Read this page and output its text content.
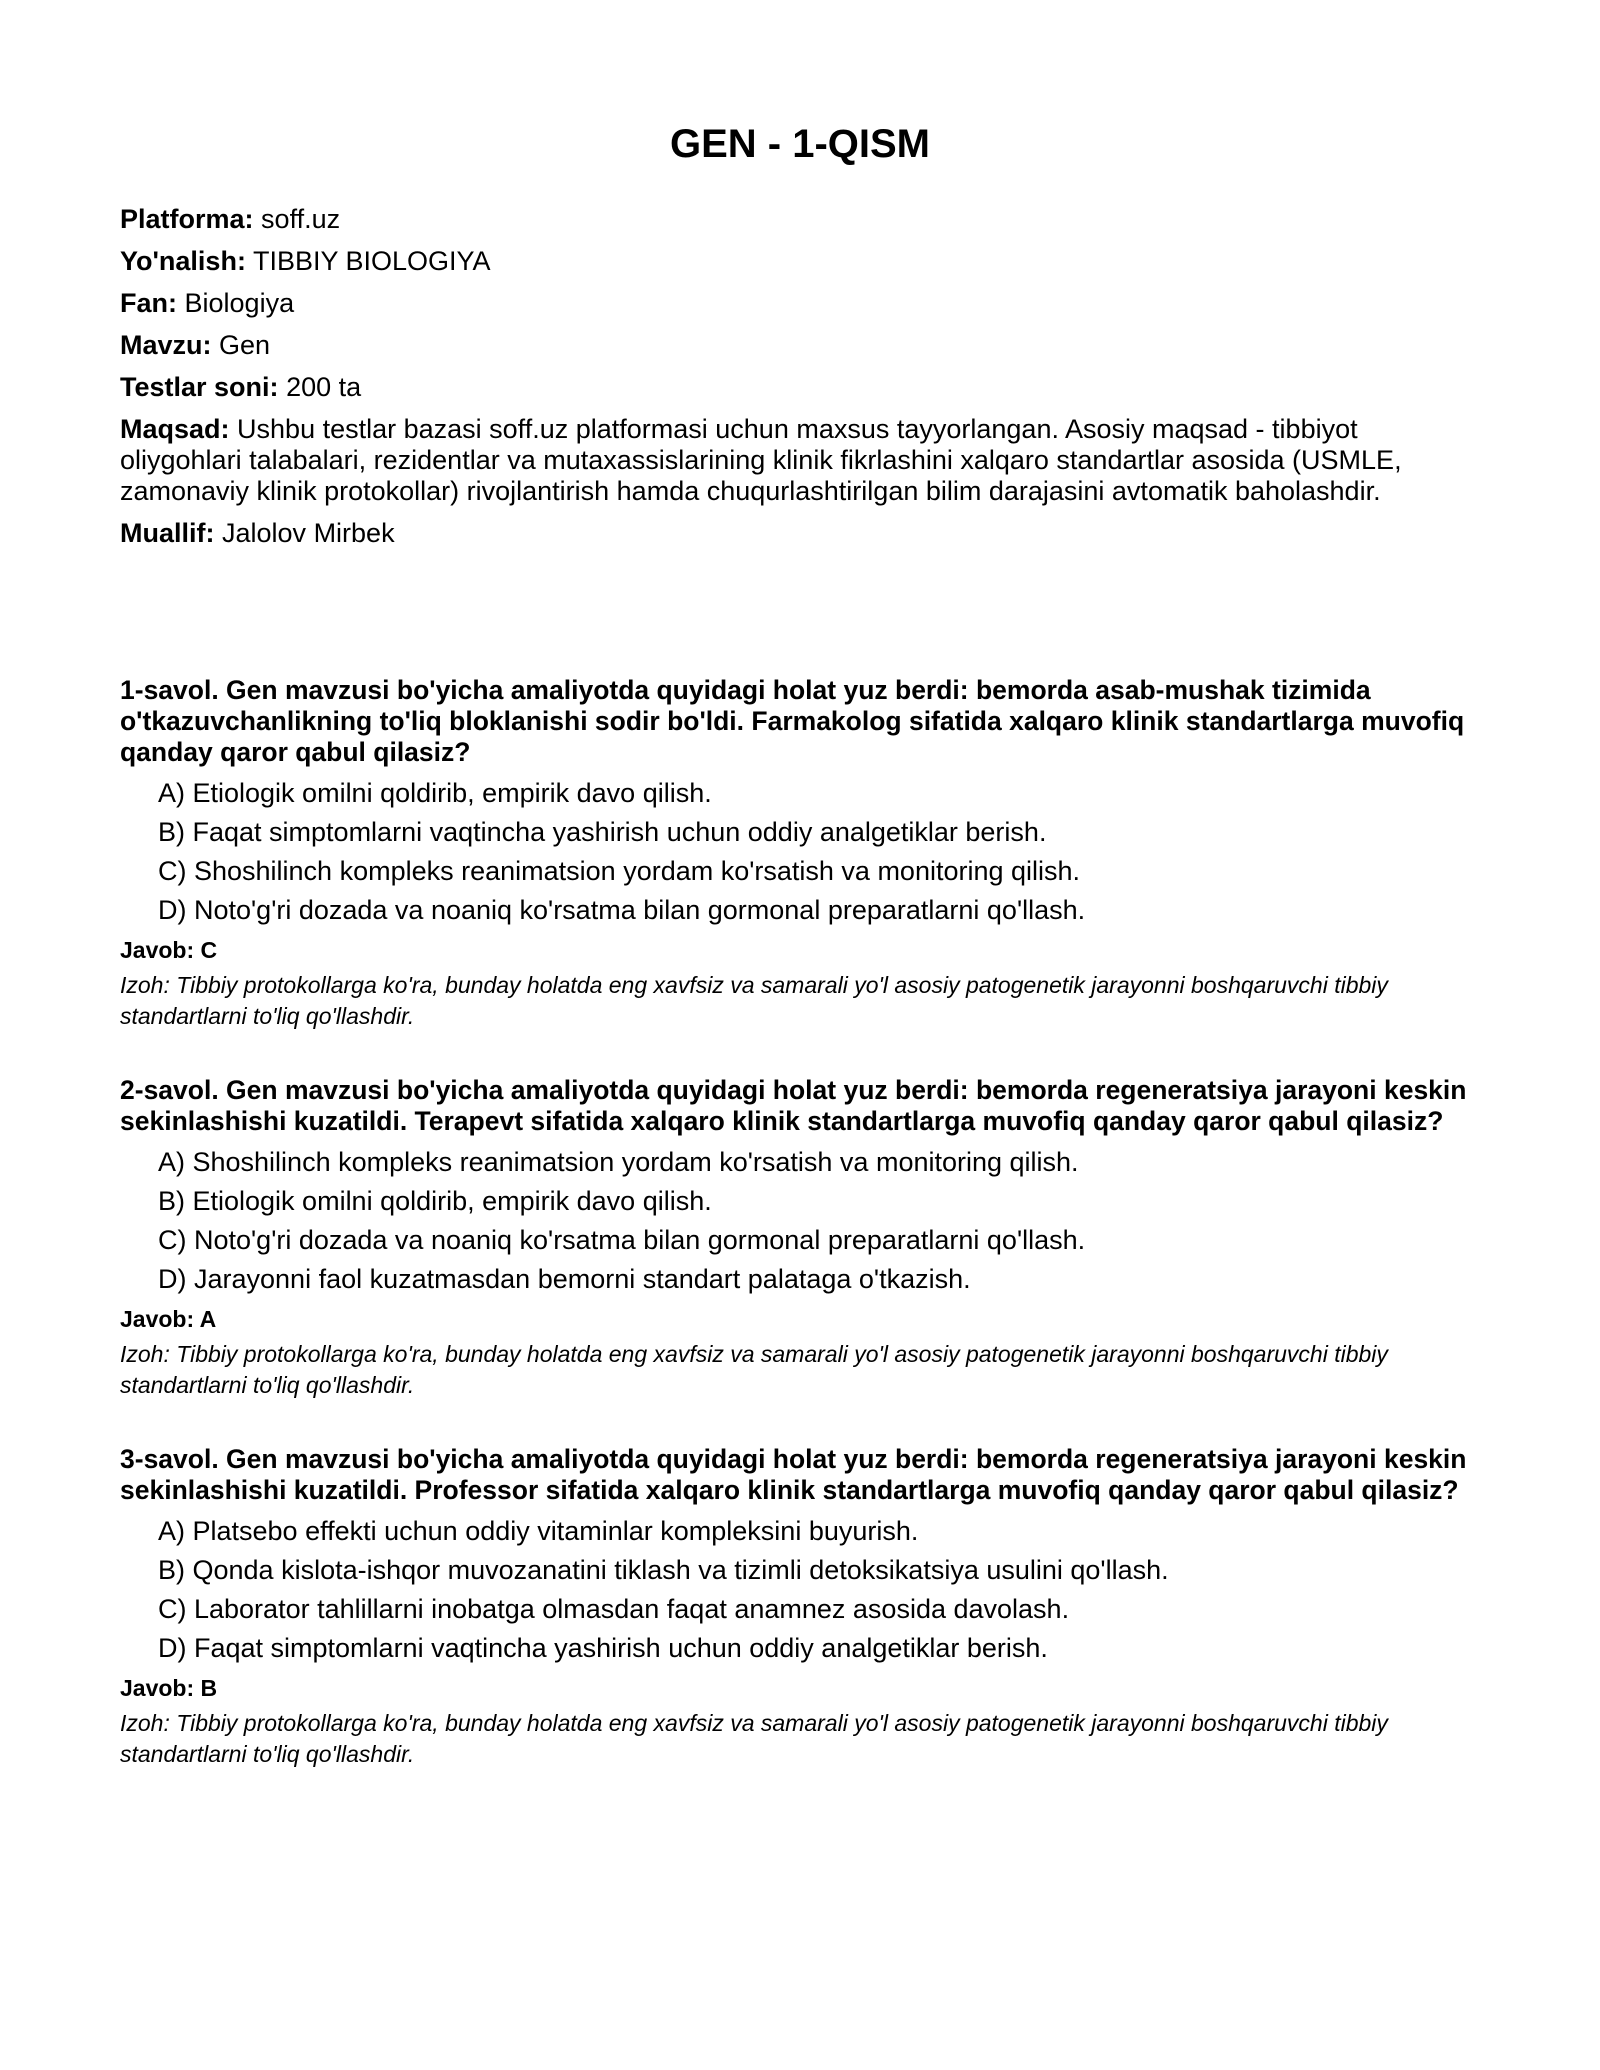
GEN - 1-QISM
Platforma: soff.uz
Yo'nalish: TIBBIY BIOLOGIYA
Fan: Biologiya
Mavzu: Gen
Testlar soni: 200 ta
Maqsad: Ushbu testlar bazasi soff.uz platformasi uchun maxsus tayyorlangan. Asosiy maqsad - tibbiyot oliygohlari talabalari, rezidentlar va mutaxassislarining klinik fikrlashini xalqaro standartlar asosida (USMLE, zamonaviy klinik protokollar) rivojlantirish hamda chuqurlashtirilgan bilim darajasini avtomatik baholashdir.
Muallif: Jalolov Mirbek
1-savol. Gen mavzusi bo'yicha amaliyotda quyidagi holat yuz berdi: bemorda asab-mushak tizimida o'tkazuvchanlikning to'liq bloklanishi sodir bo'ldi. Farmakolog sifatida xalqaro klinik standartlarga muvofiq qanday qaror qabul qilasiz?
A) Etiologik omilni qoldirib, empirik davo qilish.
B) Faqat simptomlarni vaqtincha yashirish uchun oddiy analgetiklar berish.
C) Shoshilinch kompleks reanimatsion yordam ko'rsatish va monitoring qilish.
D) Noto'g'ri dozada va noaniq ko'rsatma bilan gormonal preparatlarni qo'llash.
Javob: C
Izoh: Tibbiy protokollarga ko'ra, bunday holatda eng xavfsiz va samarali yo'l asosiy patogenetik jarayonni boshqaruvchi tibbiy standartlarni to'liq qo'llashdir.
2-savol. Gen mavzusi bo'yicha amaliyotda quyidagi holat yuz berdi: bemorda regeneratsiya jarayoni keskin sekinlashishi kuzatildi. Terapevt sifatida xalqaro klinik standartlarga muvofiq qanday qaror qabul qilasiz?
A) Shoshilinch kompleks reanimatsion yordam ko'rsatish va monitoring qilish.
B) Etiologik omilni qoldirib, empirik davo qilish.
C) Noto'g'ri dozada va noaniq ko'rsatma bilan gormonal preparatlarni qo'llash.
D) Jarayonni faol kuzatmasdan bemorni standart palataga o'tkazish.
Javob: A
Izoh: Tibbiy protokollarga ko'ra, bunday holatda eng xavfsiz va samarali yo'l asosiy patogenetik jarayonni boshqaruvchi tibbiy standartlarni to'liq qo'llashdir.
3-savol. Gen mavzusi bo'yicha amaliyotda quyidagi holat yuz berdi: bemorda regeneratsiya jarayoni keskin sekinlashishi kuzatildi. Professor sifatida xalqaro klinik standartlarga muvofiq qanday qaror qabul qilasiz?
A) Platsebo effekti uchun oddiy vitaminlar kompleksini buyurish.
B) Qonda kislota-ishqor muvozanatini tiklash va tizimli detoksikatsiya usulini qo'llash.
C) Laborator tahlillarni inobatga olmasdan faqat anamnez asosida davolash.
D) Faqat simptomlarni vaqtincha yashirish uchun oddiy analgetiklar berish.
Javob: B
Izoh: Tibbiy protokollarga ko'ra, bunday holatda eng xavfsiz va samarali yo'l asosiy patogenetik jarayonni boshqaruvchi tibbiy standartlarni to'liq qo'llashdir.
